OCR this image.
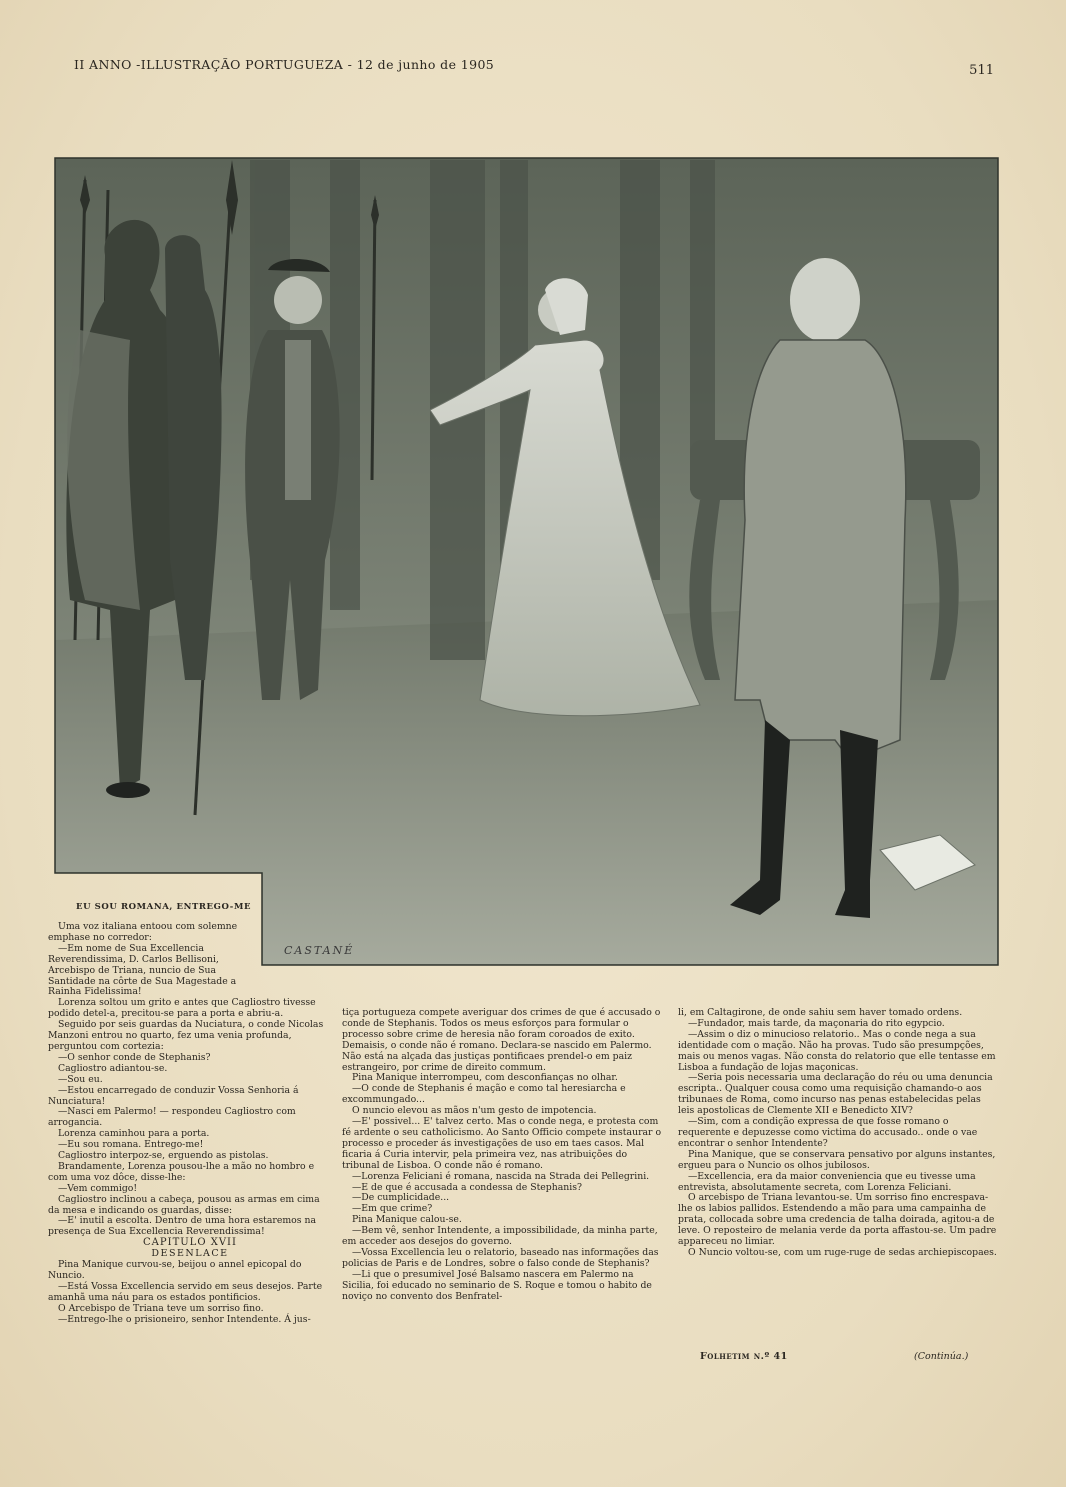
II ANNO -ILLUSTRAÇÃO PORTUGUEZA - 12 de junho de 1905	511
EU SOU ROMANA, ENTREGO-ME
CASTANÉ

Uma voz italiana entoou com solemne emphase no corredor:

—Em nome de Sua Excellencia Reverendissima, D. Carlos Bellisoni, Arcebispo de Triana, nuncio de Sua Santidade na côrte de Sua Magestade a Rainha Fidelissima!

Lorenza soltou um grito e antes que Cagliostro tivesse podido detel-a, precitou-se para a porta e abriu-a.

Seguido por seis guardas da Nuciatura, o conde Nicolas Manzoni entrou no quarto, fez uma venia profunda, perguntou com cortezia:

—O senhor conde de Stephanis?

Cagliostro adiantou-se.

—Sou eu.

—Estou encarregado de conduzir Vossa Senhoria á Nunciatura!

—Nasci em Palermo! — respondeu Cagliostro com arrogancia.

Lorenza caminhou para a porta.

—Eu sou romana. Entrego-me!

Cagliostro interpoz-se, erguendo as pistolas.

Brandamente, Lorenza pousou-lhe a mão no hombro e com uma voz dôce, disse-lhe:

—Vem commigo!

Cagliostro inclinou a cabeça, pousou as armas em cima da mesa e indicando os guardas, disse:

—E' inutil a escolta. Dentro de uma hora estaremos na presença de Sua Excellencia Reverendissima!

CAPITULO XVII

DESENLACE

Pina Manique curvou-se, beijou o annel epicopal do Nuncio.

—Está Vossa Excellencia servido em seus desejos. Parte amanhã uma náu para os estados pontificios.

O Arcebispo de Triana teve um sorriso fino.

—Entrego-lhe o prisioneiro, senhor Intendente. Á jus-

tiça portugueza compete averiguar dos crimes de que é accusado o conde de Stephanis. Todos os meus esforços para formular o processo sobre crime de heresia não foram coroados de exito. Demaisis, o conde não é romano. Declara-se nascido em Palermo. Não está na alçada das justiças pontificaes prendel-o em paiz estrangeiro, por crime de direito commum.

Pina Manique interrompeu, com desconfianças no olhar.

—O conde de Stephanis é mação e como tal heresiarcha e excommungado...

O nuncio elevou as mãos n'um gesto de impotencia.

—E' possivel... E' talvez certo. Mas o conde nega, e protesta com fé ardente o seu catholicismo. Ao Santo Officio compete instaurar o processo e proceder ás investigações de uso em taes casos. Mal ficaria á Curia intervir, pela primeira vez, nas atribuições do tribunal de Lisboa. O conde não é romano.

—Lorenza Feliciani é romana, nascida na Strada dei Pellegrini.

—E de que é accusada a condessa de Stephanis?

—De cumplicidade...

—Em que crime?

Pina Manique calou-se.

—Bem vê, senhor Intendente, a impossibilidade, da minha parte, em acceder aos desejos do governo.

—Vossa Excellencia leu o relatorio, baseado nas informações das policias de Paris e de Londres, sobre o falso conde de Stephanis?

—Li que o presumivel José Balsamo nascera em Palermo na Sicilia, foi educado no seminario de S. Roque e tomou o habito de noviço no convento dos Benfratel-

li, em Caltagirone, de onde sahiu sem haver tomado ordens.

—Fundador, mais tarde, da maçonaria do rito egypcio.

—Assim o diz o minucioso relatorio.. Mas o conde nega a sua identidade com o mação. Não ha provas. Tudo são presumpções, mais ou menos vagas. Não consta do relatorio que elle tentasse em Lisboa a fundação de lojas maçonicas.

—Seria pois necessaria uma declaração do réu ou uma denuncia escripta.. Qualquer cousa como uma requisição chamando-o aos tribunaes de Roma, como incurso nas penas estabelecidas pelas leis apostolicas de Clemente XII e Benedicto XIV?

—Sim, com a condição expressa de que fosse romano o requerente e depuzesse como victima do accusado.. onde o vae encontrar o senhor Intendente?

Pina Manique, que se conservara pensativo por alguns instantes, ergueu para o Nuncio os olhos jubilosos.

—Excellencia, era da maior conveniencia que eu tivesse uma entrevista, absolutamente secreta, com Lorenza Feliciani.

O arcebispo de Triana levantou-se. Um sorriso fino encrespava-lhe os labios pallidos. Estendendo a mão para uma campainha de prata, collocada sobre uma credencia de talha doirada, agitou-a de leve. O reposteiro de melania verde da porta affastou-se. Um padre appareceu no limiar.

O Nuncio voltou-se, com um ruge-ruge de sedas archiepiscopaes.

Folhetim n.º 41	(Continúa.)
